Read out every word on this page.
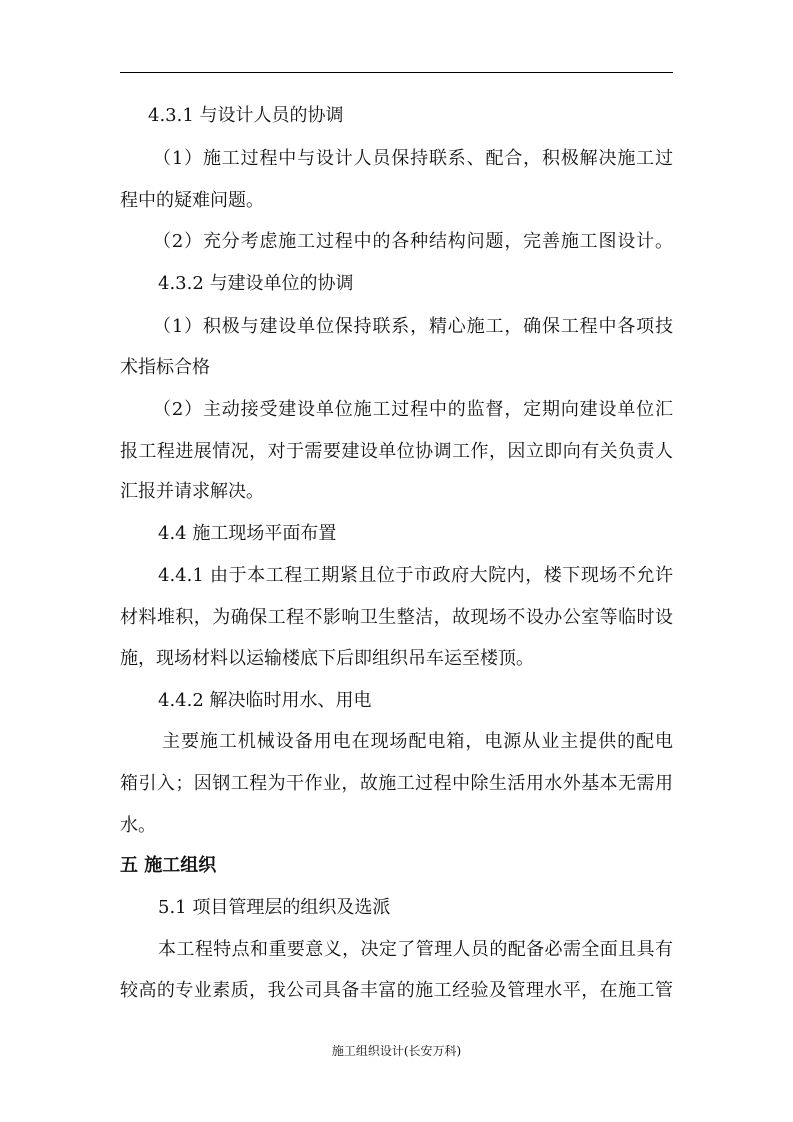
4.3.1 与设计人员的协调
（1）施工过程中与设计人员保持联系、配合，积极解决施工过
程中的疑难问题。
（2）充分考虑施工过程中的各种结构问题，完善施工图设计。
4.3.2 与建设单位的协调
（1）积极与建设单位保持联系，精心施工，确保工程中各项技
术指标合格
（2）主动接受建设单位施工过程中的监督，定期向建设单位汇
报工程进展情况，对于需要建设单位协调工作，因立即向有关负责人
汇报并请求解决。
4.4 施工现场平面布置
4.4.1 由于本工程工期紧且位于市政府大院内，楼下现场不允许
材料堆积，为确保工程不影响卫生整洁，故现场不设办公室等临时设
施，现场材料以运输楼底下后即组织吊车运至楼顶。
4.4.2 解决临时用水、用电
主要施工机械设备用电在现场配电箱，电源从业主提供的配电
箱引入；因钢工程为干作业，故施工过程中除生活用水外基本无需用
水。
五 施工组织
5.1 项目管理层的组织及选派
本工程特点和重要意义，决定了管理人员的配备必需全面且具有
较高的专业素质，我公司具备丰富的施工经验及管理水平，在施工管
施工组织设计(长安万科)
